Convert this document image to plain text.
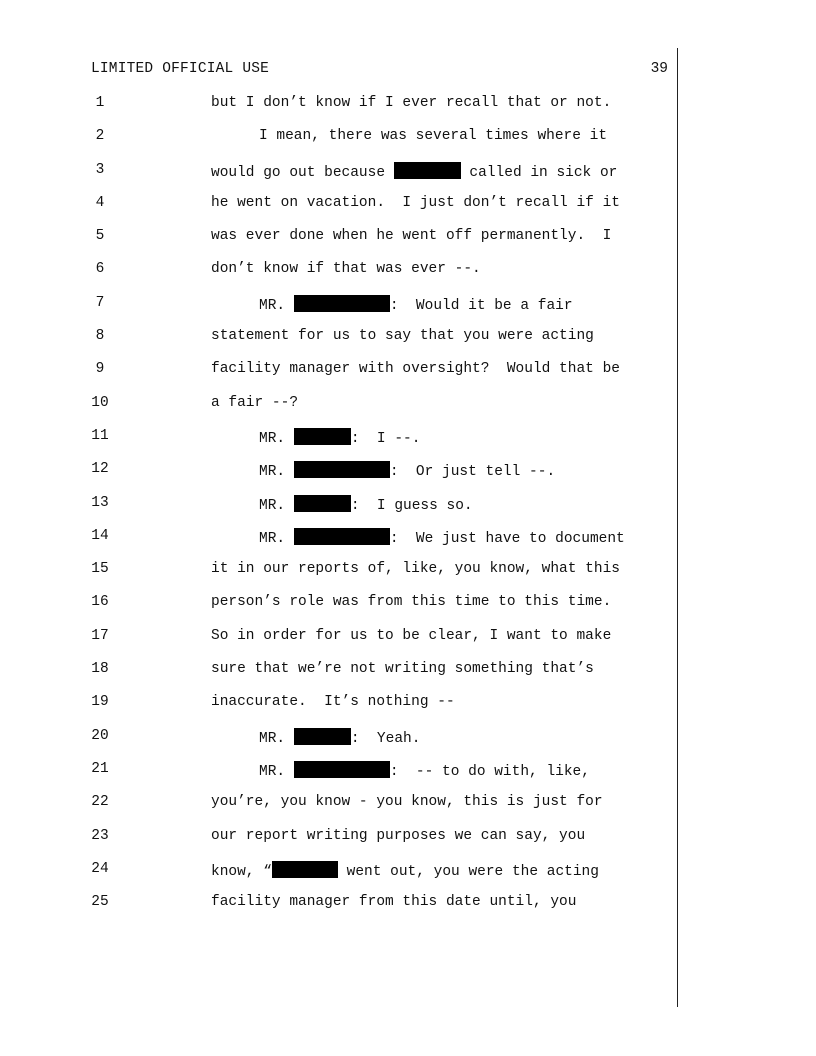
LIMITED OFFICIAL USE	39
1	but I don’t know if I ever recall that or not.
2	I mean, there was several times where it
3	would go out because	called in sick or
4	he went on vacation.  I just don’t recall if it
5	was ever done when he went off permanently.  I
6	don’t know if that was ever --.
7	MR.	:  Would it be a fair
8	statement for us to say that you were acting
9	facility manager with oversight?  Would that be
10	a fair --?
11	MR.	:  I --.
12	MR.	:  Or just tell --.
13	MR.	:  I guess so.
14	MR.	:  We just have to document
15	it in our reports of, like, you know, what this
16	person’s role was from this time to this time.
17	So in order for us to be clear, I want to make
18	sure that we’re not writing something that’s
19	inaccurate.  It’s nothing --
20	MR.	:  Yeah.
21	MR.	:  -- to do with, like,
22	you’re, you know - you know, this is just for
23	our report writing purposes we can say, you
24	know, “	went out, you were the acting
25	facility manager from this date until, you
